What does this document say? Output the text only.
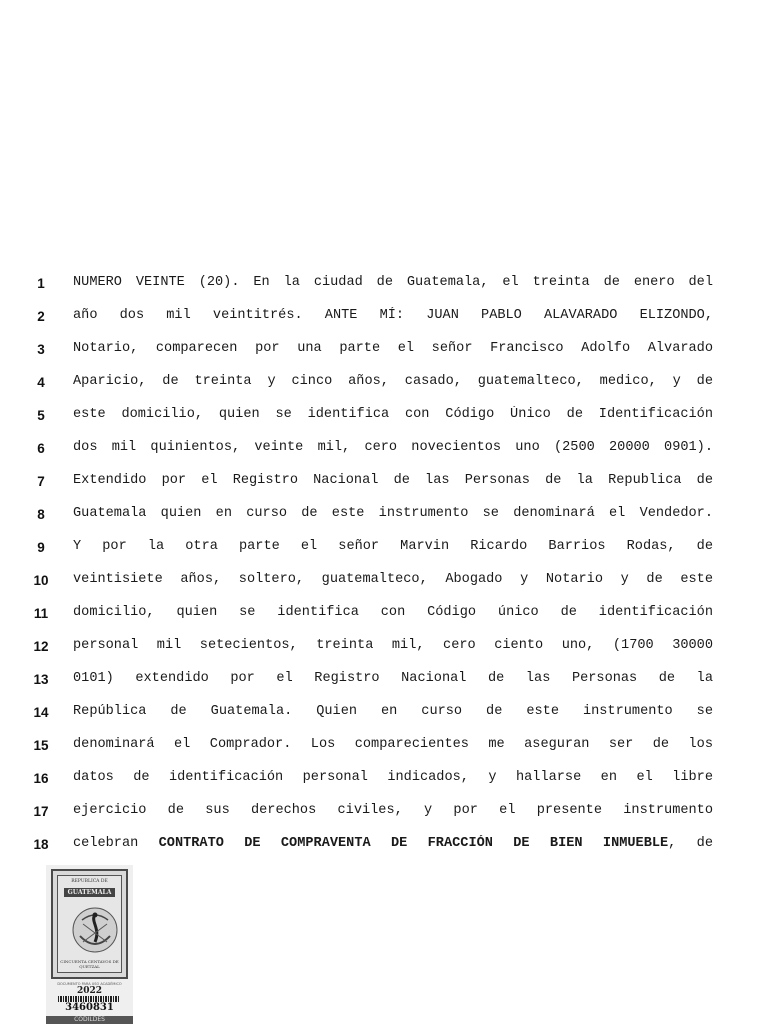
1	NUMERO VEINTE (20). En la ciudad de Guatemala, el treinta de enero del
2	año dos mil veintitrés. ANTE MÍ: JUAN PABLO ALAVARADO ELIZONDO,
3	Notario, comparecen por una parte el señor Francisco Adolfo Alvarado
4	Aparicio, de treinta y cinco años, casado, guatemalteco, medico, y de
5	este domicilio, quien se identifica con Código Único de Identificación
6	dos mil quinientos, veinte mil, cero novecientos uno (2500 20000 0901).
7	Extendido por el Registro Nacional de las Personas de la Republica de
8	Guatemala quien en curso de este instrumento se denominará el Vendedor.
9	Y por la otra parte el señor Marvin Ricardo Barrios Rodas, de
10	veintisiete años, soltero, guatemalteco, Abogado y Notario y de este
11	domicilio, quien se identifica con Código único de identificación
12	personal mil setecientos, treinta mil, cero ciento uno, (1700 30000
13	0101) extendido por el Registro Nacional de las Personas de la
14	República de Guatemala. Quien en curso de este instrumento se
15	denominará el Comprador. Los comparecientes me aseguran ser de los
16	datos de identificación personal indicados, y hallarse en el libre
17	ejercicio de sus derechos civiles, y por el presente instrumento
18	celebran CONTRATO DE COMPRAVENTA DE FRACCIÓN DE BIEN INMUEBLE, de
REPUBLICA DE
GUATEMALA
CINCUENTA CENTAVOS DE QUETZAL
DOCUMENTO PARA USO ACADÉMICO
2022
3460831
CODILDES
